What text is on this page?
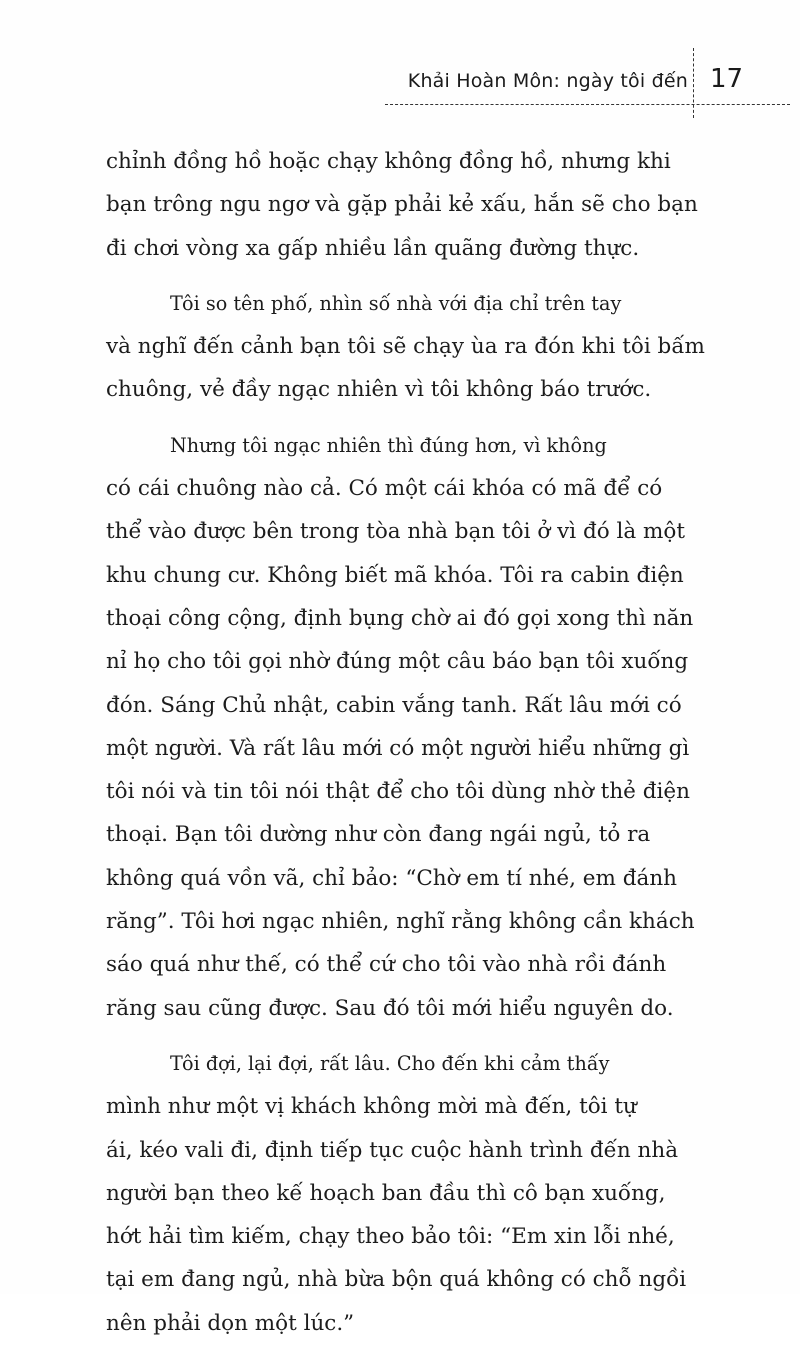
Khải Hoàn Môn: ngày tôi đến 17

chỉnh đồng hồ hoặc chạy không đồng hồ, nhưng khi

bạn trông ngu ngơ và gặp phải kẻ xấu, hắn sẽ cho bạn

đi chơi vòng xa gấp nhiều lần quãng đường thực.

Tôi so tên phố, nhìn số nhà với địa chỉ trên tay

và nghĩ đến cảnh bạn tôi sẽ chạy ùa ra đón khi tôi bấm

chuông, vẻ đầy ngạc nhiên vì tôi không báo trước.

Nhưng tôi ngạc nhiên thì đúng hơn, vì không

có cái chuông nào cả. Có một cái khóa có mã để có

thể vào được bên trong tòa nhà bạn tôi ở vì đó là một

khu chung cư. Không biết mã khóa. Tôi ra cabin điện

thoại công cộng, định bụng chờ ai đó gọi xong thì năn

nỉ họ cho tôi gọi nhờ đúng một câu báo bạn tôi xuống

đón. Sáng Chủ nhật, cabin vắng tanh. Rất lâu mới có

một người. Và rất lâu mới có một người hiểu những gì

tôi nói và tin tôi nói thật để cho tôi dùng nhờ thẻ điện

thoại. Bạn tôi dường như còn đang ngái ngủ, tỏ ra

không quá vồn vã, chỉ bảo: “Chờ em tí nhé, em đánh

răng”. Tôi hơi ngạc nhiên, nghĩ rằng không cần khách

sáo quá như thế, có thể cứ cho tôi vào nhà rồi đánh

răng sau cũng được. Sau đó tôi mới hiểu nguyên do.

Tôi đợi, lại đợi, rất lâu. Cho đến khi cảm thấy

mình như một vị khách không mời mà đến, tôi tự

ái, kéo vali đi, định tiếp tục cuộc hành trình đến nhà

người bạn theo kế hoạch ban đầu thì cô bạn xuống,

hớt hải tìm kiếm, chạy theo bảo tôi: “Em xin lỗi nhé,

tại em đang ngủ, nhà bừa bộn quá không có chỗ ngồi

nên phải dọn một lúc.”
